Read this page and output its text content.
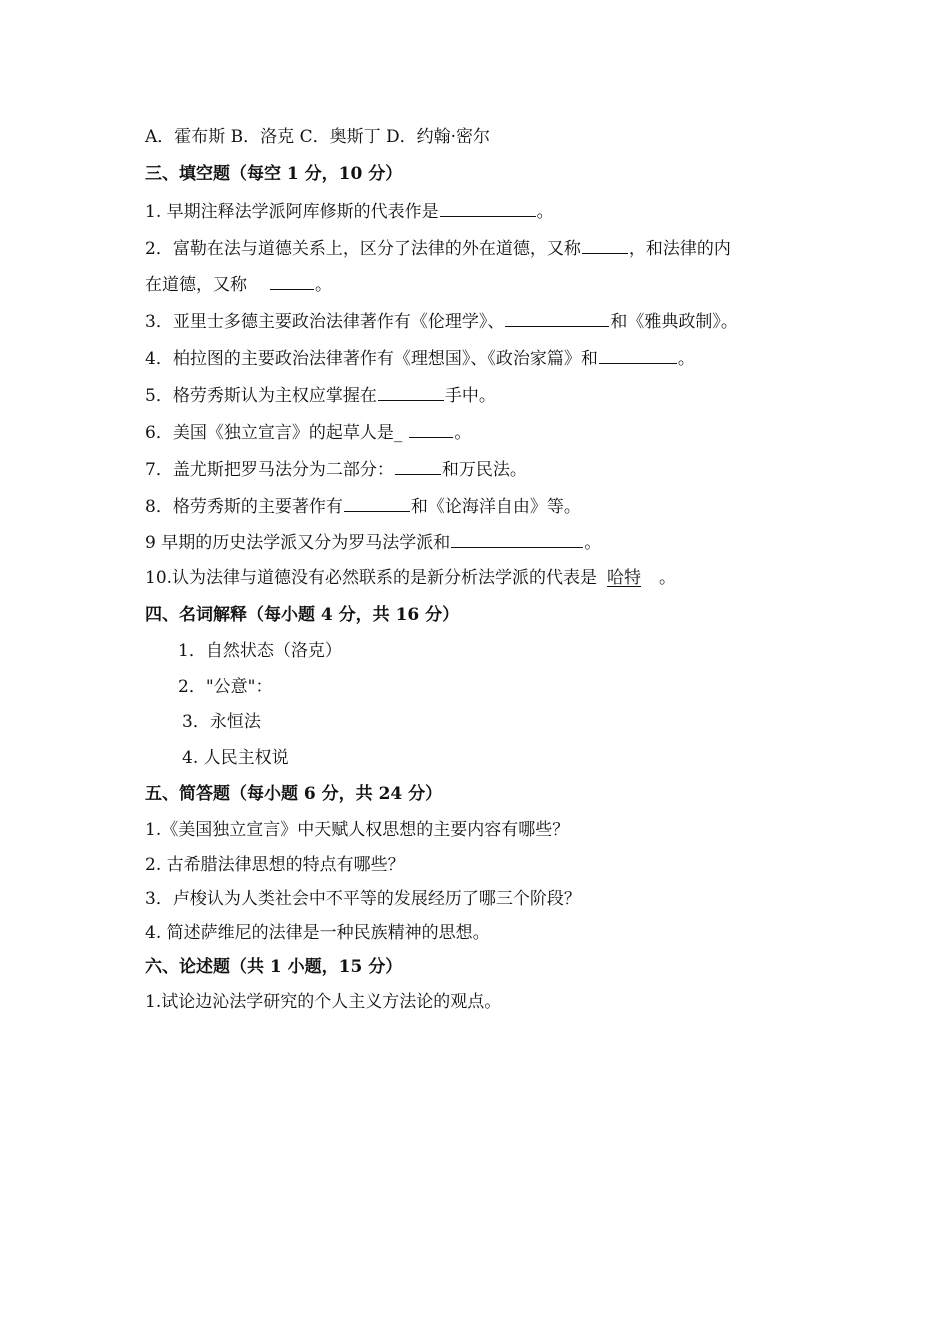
A．霍布斯 B．洛克 C．奥斯丁 D．约翰·密尔
三、填空题（每空 1 分，10 分）
1. 早期注释法学派阿库修斯的代表作是	。
2．富勒在法与道德关系上，区分了法律的外在道德，又称	，和法律的内
在道德，又称	。
3．亚里士多德主要政治法律著作有《伦理学》、	和《雅典政制》。
4．柏拉图的主要政治法律著作有《理想国》、《政治家篇》和	。
5．格劳秀斯认为主权应掌握在	手中。
6．美国《独立宣言》的起草人是_	。
7．盖尤斯把罗马法分为二部分：	和万民法。
8．格劳秀斯的主要著作有	和《论海洋自由》等。
9 早期的历史法学派又分为罗马法学派和	。
10.认为法律与道德没有必然联系的是新分析法学派的代表是 哈特 。
四、名词解释（每小题 4 分，共 16 分）
1．自然状态（洛克）
2．"公意"：
3．永恒法
4. 人民主权说
五、简答题（每小题 6 分，共 24 分）
1.《美国独立宣言》中天赋人权思想的主要内容有哪些？
2. 古希腊法律思想的特点有哪些？
3．卢梭认为人类社会中不平等的发展经历了哪三个阶段？
4. 简述萨维尼的法律是一种民族精神的思想。
六、论述题（共 1 小题，15 分）
1.试论边沁法学研究的个人主义方法论的观点。
